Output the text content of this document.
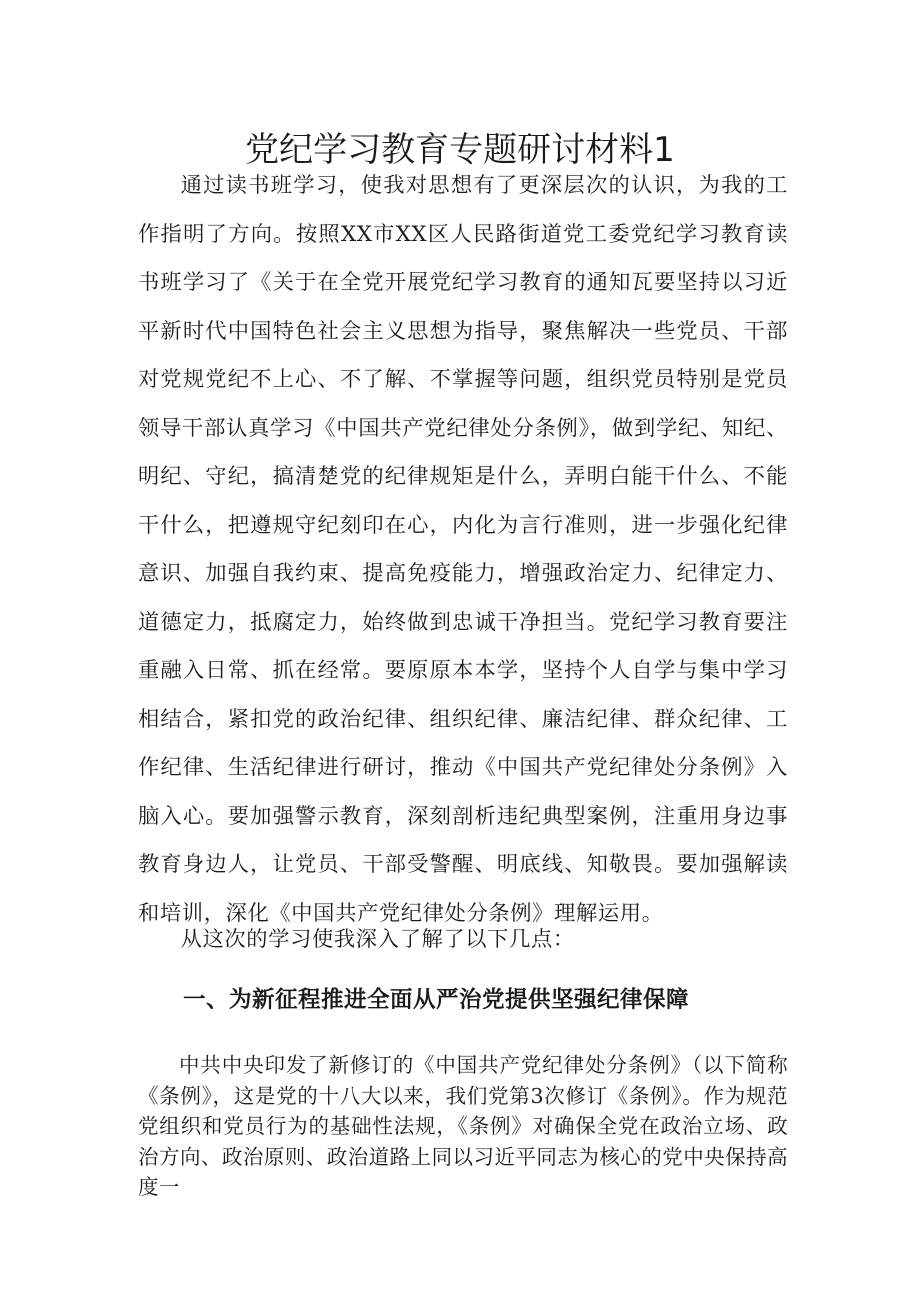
党纪学习教育专题研讨材料1

通过读书班学习，使我对思想有了更深层次的认识，为我的工作指明了方向。按照XX市XX区人民路街道党工委党纪学习教育读书班学习了《关于在全党开展党纪学习教育的通知瓦要坚持以习近平新时代中国特色社会主义思想为指导，聚焦解决一些党员、干部对党规党纪不上心、不了解、不掌握等问题，组织党员特别是党员领导干部认真学习《中国共产党纪律处分条例》，做到学纪、知纪、明纪、守纪，搞清楚党的纪律规矩是什么，弄明白能干什么、不能干什么，把遵规守纪刻印在心，内化为言行准则，进一步强化纪律意识、加强自我约束、提高免疫能力，增强政治定力、纪律定力、道德定力，抵腐定力，始终做到忠诚干净担当。党纪学习教育要注重融入日常、抓在经常。要原原本本学，坚持个人自学与集中学习相结合，紧扣党的政治纪律、组织纪律、廉洁纪律、群众纪律、工作纪律、生活纪律进行研讨，推动《中国共产党纪律处分条例》入脑入心。要加强警示教育，深刻剖析违纪典型案例，注重用身边事教育身边人，让党员、干部受警醒、明底线、知敬畏。要加强解读和培训，深化《中国共产党纪律处分条例》理解运用。

从这次的学习使我深入了解了以下几点：

一、为新征程推进全面从严治党提供坚强纪律保障

中共中央印发了新修订的《中国共产党纪律处分条例》（以下简称《条例》，这是党的十八大以来，我们党第3次修订《条例》。作为规范党组织和党员行为的基础性法规，《条例》对确保全党在政治立场、政治方向、政治原则、政治道路上同以习近平同志为核心的党中央保持高度一
